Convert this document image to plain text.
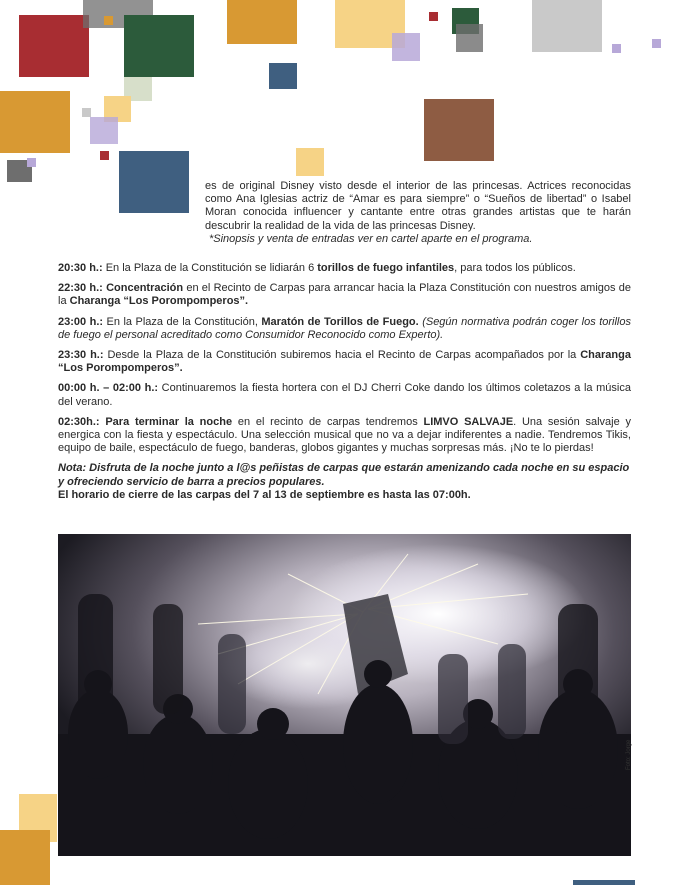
es de original Disney visto desde el interior de las princesas. Actrices reconocidas como Ana Iglesias actriz de “Amar es para siempre” o “Sueños de libertad” o Isabel Moran conocida influencer y cantante entre otras grandes artistas que te harán descubrir la realidad de la vida de las princesas Disney.
*Sinopsis y venta de entradas ver en cartel aparte en el programa.

20:30 h.: En la Plaza de la Constitución se lidiarán 6 torillos de fuego infantiles, para todos los públicos.

22:30 h.: Concentración en el Recinto de Carpas para arrancar hacia la Plaza Constitución con nuestros amigos de la Charanga “Los Porompomperos”.

23:00 h.: En la Plaza de la Constitución, Maratón de Torillos de Fuego. (Según normativa podrán coger los torillos de fuego el personal acreditado como Consumidor Reconocido como Experto).

23:30 h.: Desde la Plaza de la Constitución subiremos hacia el Recinto de Carpas acompañados por la Charanga “Los Porompomperos”.

00:00 h. – 02:00 h.: Continuaremos la fiesta hortera con el DJ Cherri Coke dando los últimos coletazos a la música del verano.

02:30h.: Para terminar la noche en el recinto de carpas tendremos LIMVO SALVAJE. Una sesión salvaje y energica con la fiesta y espectáculo. Una selección musical que no va a dejar indiferentes a nadie. Tendremos Tikis, equipo de baile, espectáculo de fuego, banderas, globos gigantes y muchas sorpresas más. ¡No te lo pierdas!

Nota: Disfruta de la noche junto a l@s peñistas de carpas que estarán amenizando cada noche en su espacio y ofreciendo servicio de barra a precios populares.
El horario de cierre de las carpas del 7 al 13 de septiembre es hasta las 07:00h.
Foto: Jorge
